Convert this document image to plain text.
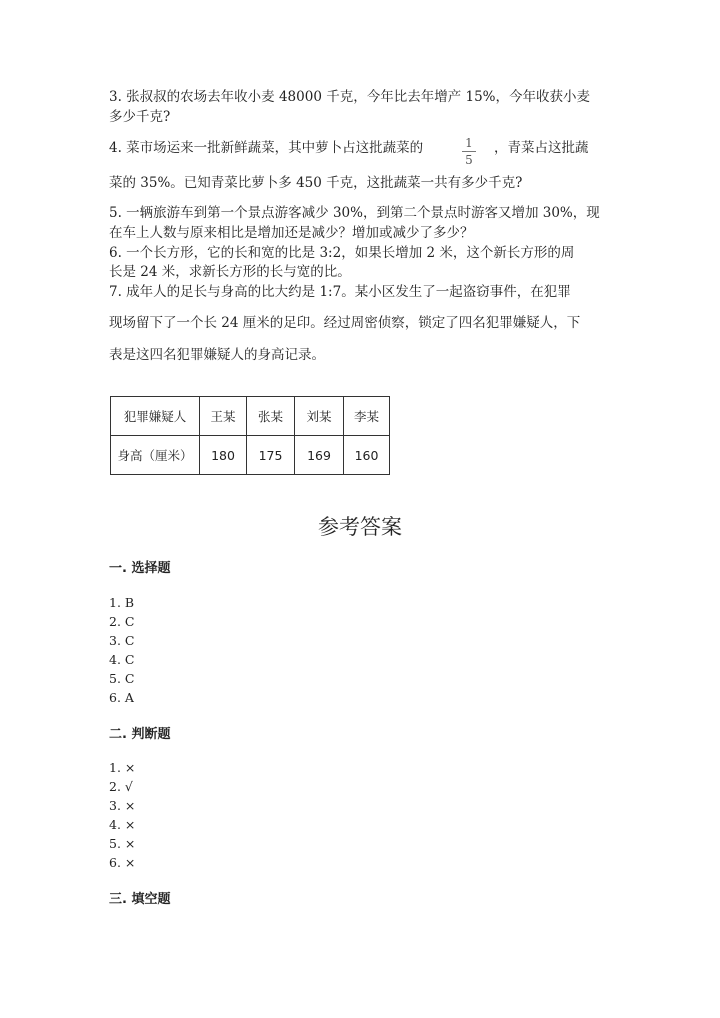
3. 张叔叔的农场去年收小麦 48000 千克，今年比去年增产 15%，今年收获小麦
多少千克?
4. 菜市场运来一批新鲜蔬菜，其中萝卜占这批蔬菜的	1
5
，青菜占这批蔬
菜的 35%。已知青菜比萝卜多 450 千克，这批蔬菜一共有多少千克?
5. 一辆旅游车到第一个景点游客减少 30%，到第二个景点时游客又增加 30%，现
在车上人数与原来相比是增加还是减少？增加或减少了多少？
6. 一个长方形，它的长和宽的比是 3:2，如果长增加 2 米，这个新长方形的周
长是 24 米，求新长方形的长与宽的比。
7. 成年人的足长与身高的比大约是 1:7。某小区发生了一起盗窃事件，在犯罪
现场留下了一个长 24 厘米的足印。经过周密侦察，锁定了四名犯罪嫌疑人，下
表是这四名犯罪嫌疑人的身高记录。
犯罪嫌疑人	王某	张某	刘某	李某
身高（厘米）	180	175	169	160
参考答案
一. 选择题
1. B
2. C
3. C
4. C
5. C
6. A
二. 判断题
1. ×
2. √
3. ×
4. ×
5. ×
6. ×
三. 填空题
